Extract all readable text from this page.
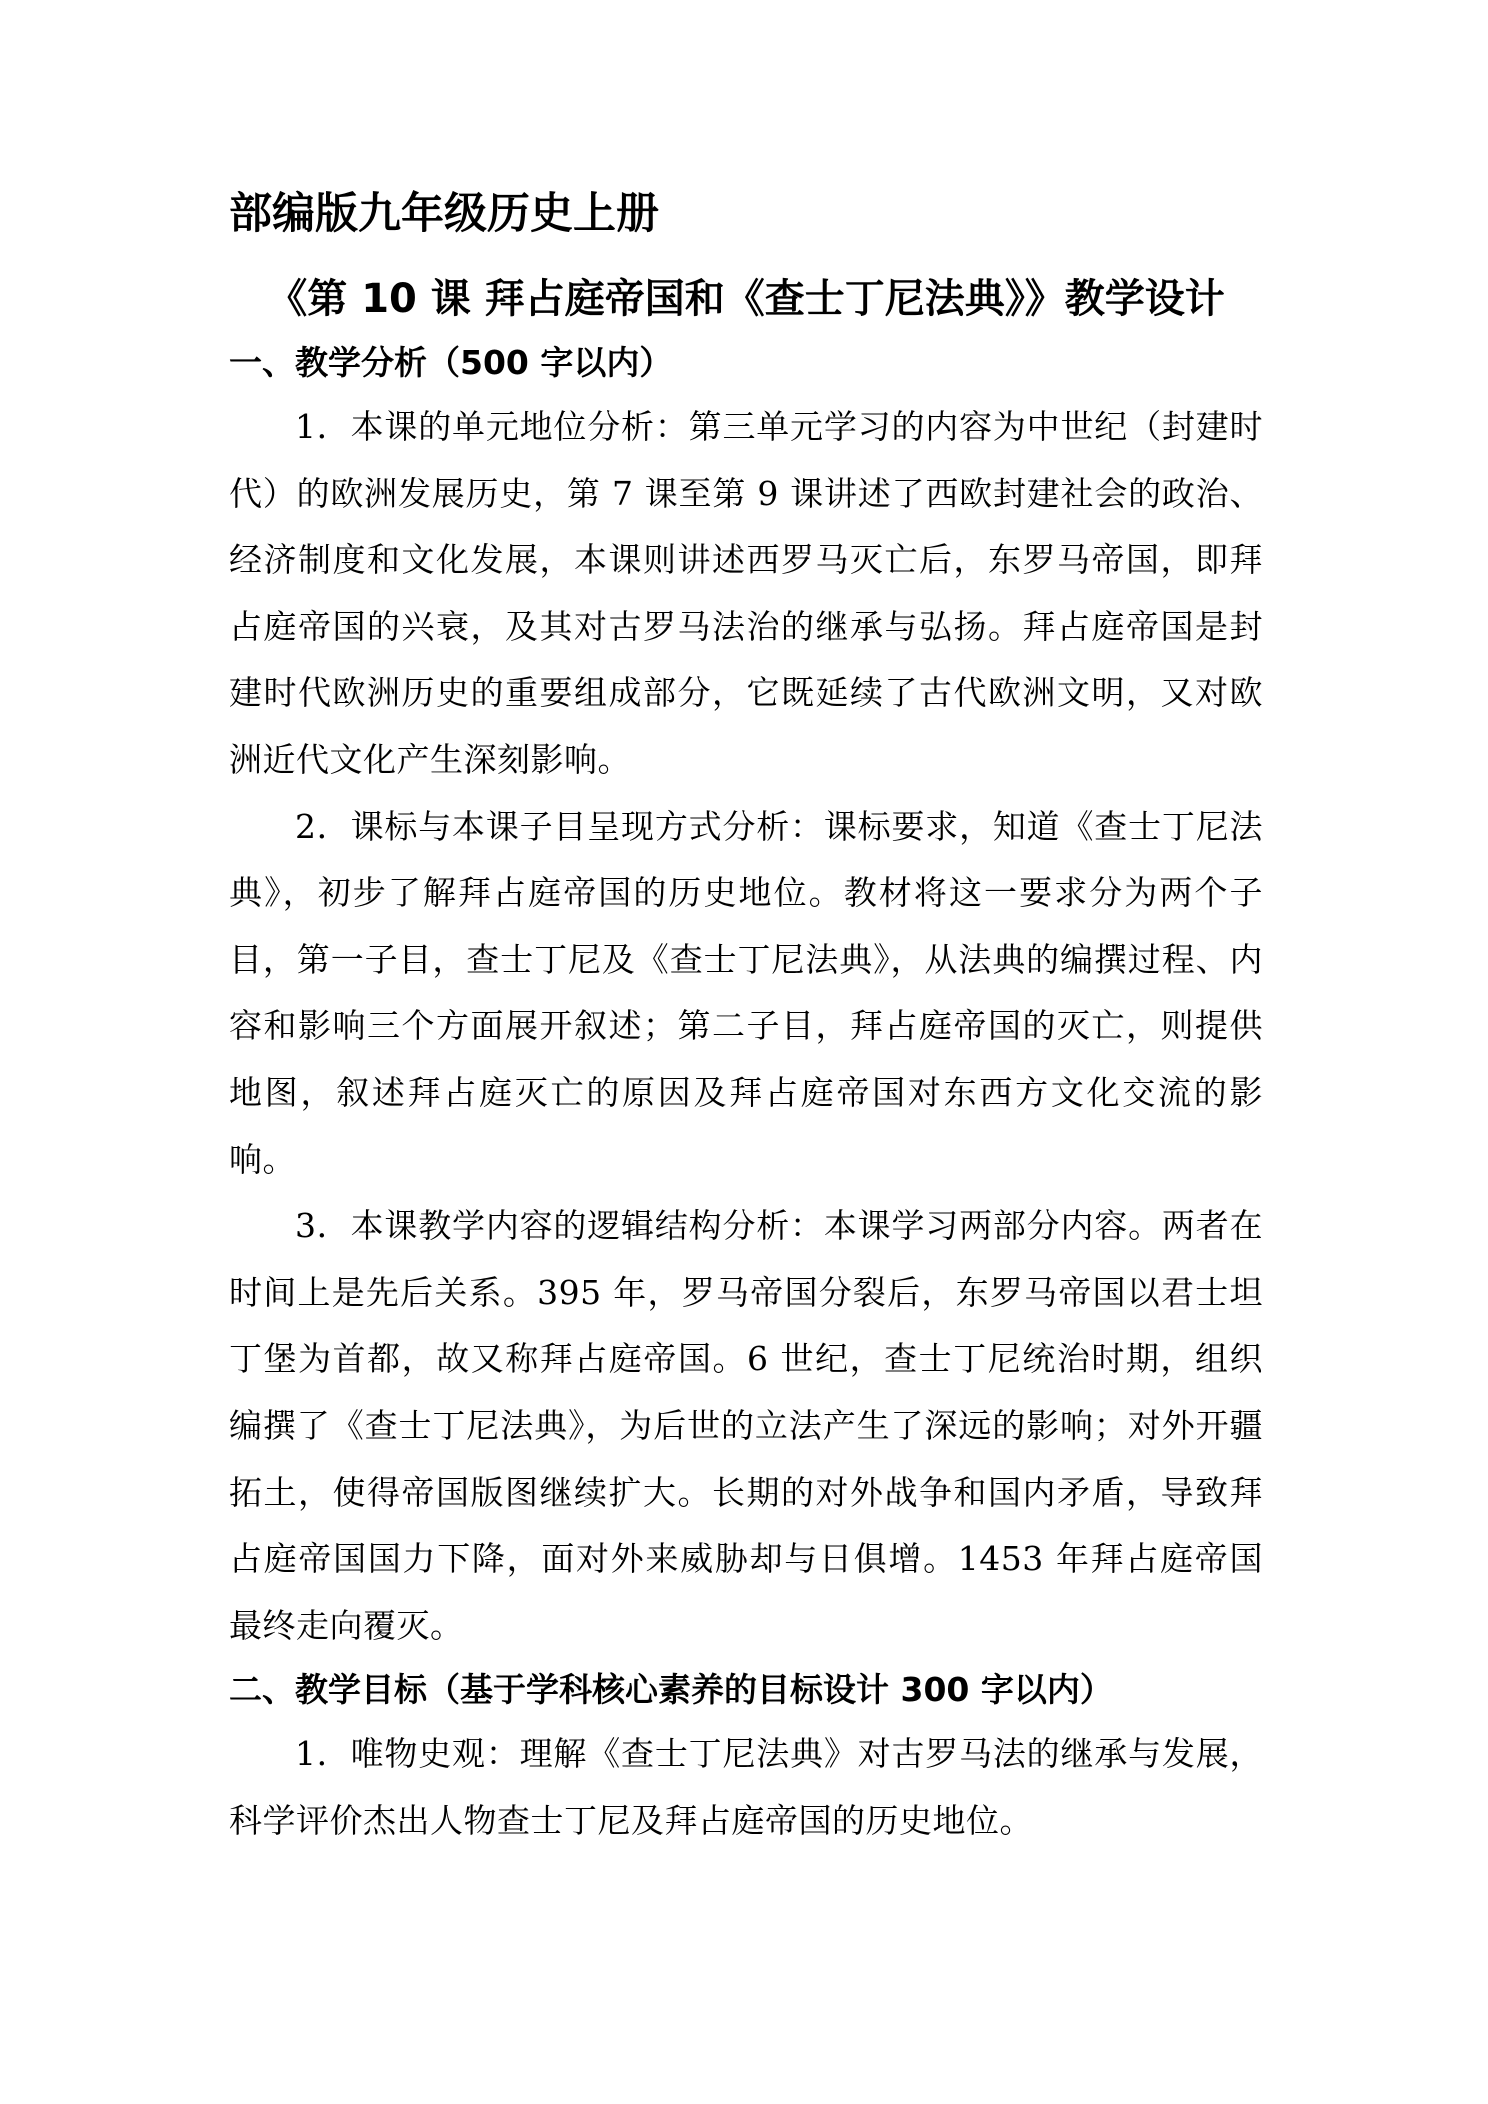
部编版九年级历史上册
《第 10 课 拜占庭帝国和《查士丁尼法典》》教学设计
一、教学分析（500 字以内）

1．本课的单元地位分析：第三单元学习的内容为中世纪（封建时代）的欧洲发展历史，第 7 课至第 9 课讲述了西欧封建社会的政治、经济制度和文化发展，本课则讲述西罗马灭亡后，东罗马帝国，即拜占庭帝国的兴衰，及其对古罗马法治的继承与弘扬。拜占庭帝国是封建时代欧洲历史的重要组成部分，它既延续了古代欧洲文明，又对欧洲近代文化产生深刻影响。

2．课标与本课子目呈现方式分析：课标要求，知道《查士丁尼法典》，初步了解拜占庭帝国的历史地位。教材将这一要求分为两个子目，第一子目，查士丁尼及《查士丁尼法典》，从法典的编撰过程、内容和影响三个方面展开叙述；第二子目，拜占庭帝国的灭亡，则提供地图，叙述拜占庭灭亡的原因及拜占庭帝国对东西方文化交流的影响。

3．本课教学内容的逻辑结构分析：本课学习两部分内容。两者在时间上是先后关系。395 年，罗马帝国分裂后，东罗马帝国以君士坦丁堡为首都，故又称拜占庭帝国。6 世纪，查士丁尼统治时期，组织编撰了《查士丁尼法典》，为后世的立法产生了深远的影响；对外开疆拓土，使得帝国版图继续扩大。长期的对外战争和国内矛盾，导致拜占庭帝国国力下降，面对外来威胁却与日俱增。1453 年拜占庭帝国最终走向覆灭。

二、教学目标（基于学科核心素养的目标设计 300 字以内）

1．唯物史观：理解《查士丁尼法典》对古罗马法的继承与发展，科学评价杰出人物查士丁尼及拜占庭帝国的历史地位。
